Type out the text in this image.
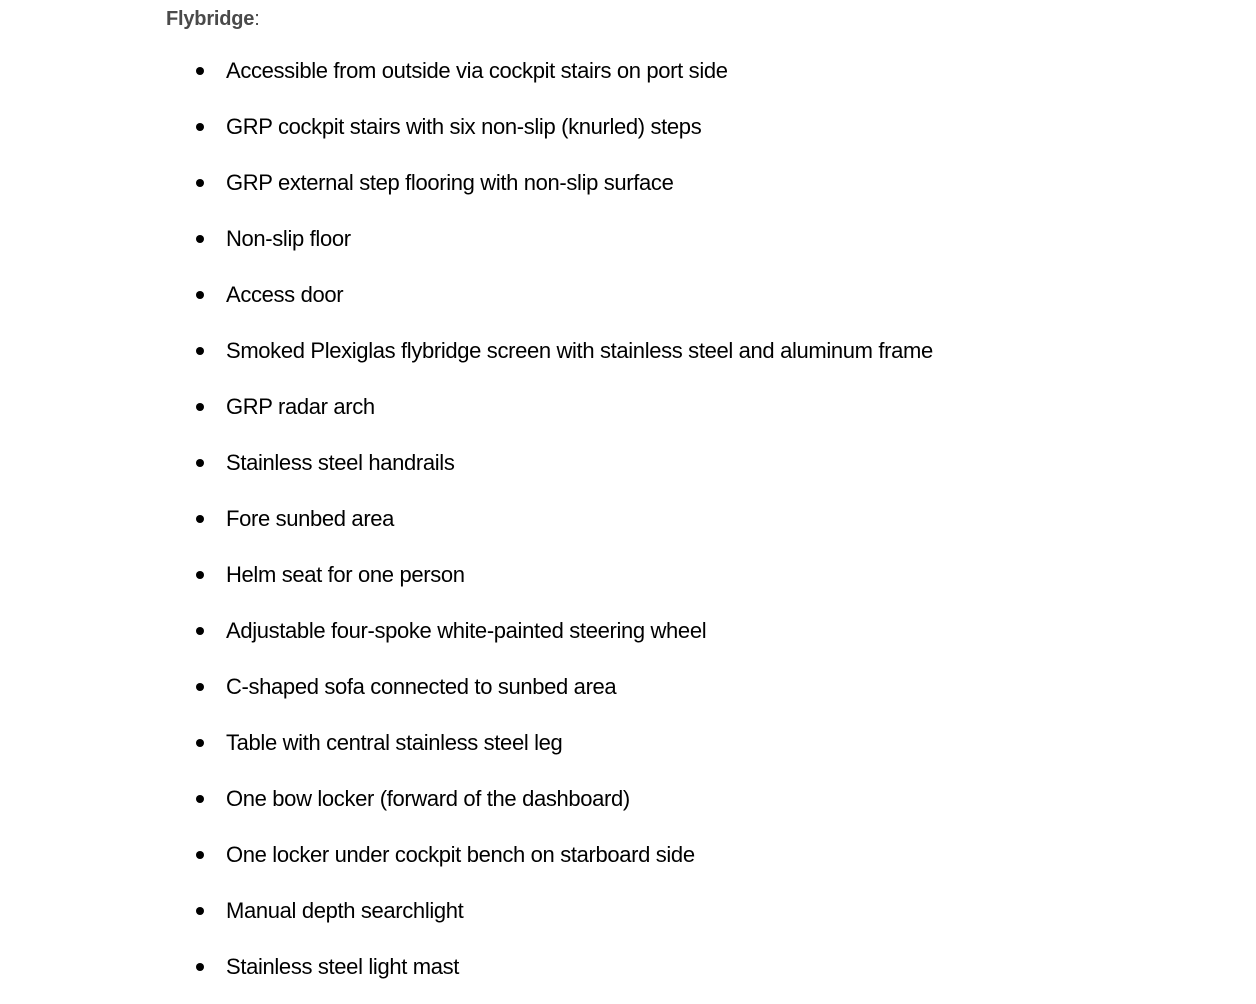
Flybridge:
Accessible from outside via cockpit stairs on port side
GRP cockpit stairs with six non-slip (knurled) steps
GRP external step flooring with non-slip surface
Non-slip floor
Access door
Smoked Plexiglas flybridge screen with stainless steel and aluminum frame
GRP radar arch
Stainless steel handrails
Fore sunbed area
Helm seat for one person
Adjustable four-spoke white-painted steering wheel
C-shaped sofa connected to sunbed area
Table with central stainless steel leg
One bow locker (forward of the dashboard)
One locker under cockpit bench on starboard side
Manual depth searchlight
Stainless steel light mast
